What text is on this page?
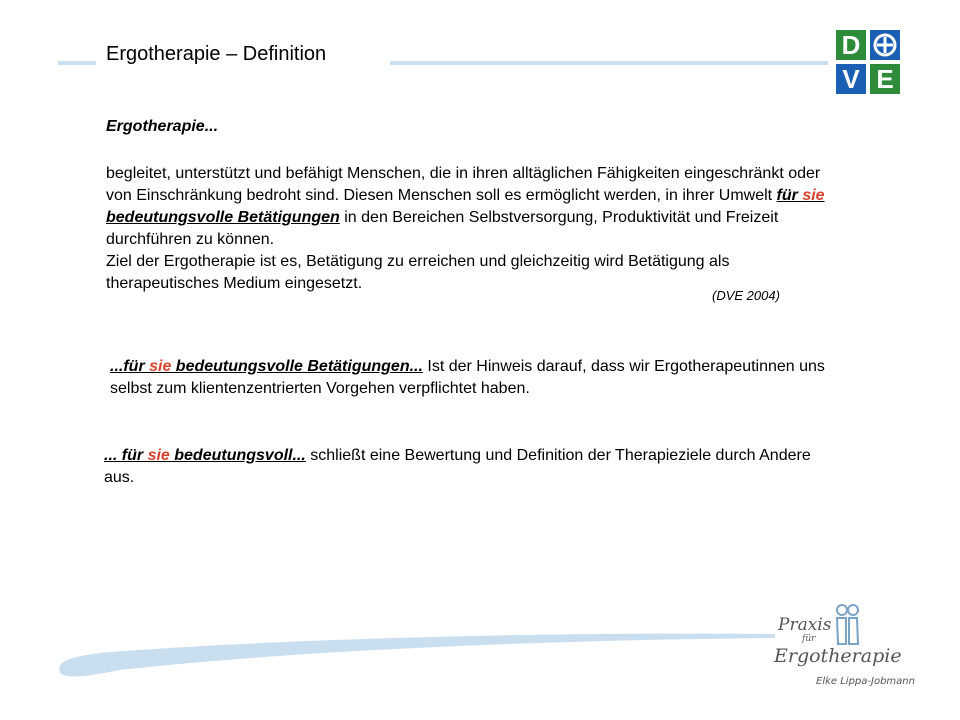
Ergotherapie – Definition	D
V E
Ergotherapie...
begleitet, unterstützt und befähigt Menschen, die in ihren alltäglichen Fähigkeiten eingeschränkt oder von Einschränkung bedroht sind. Diesen Menschen soll es ermöglicht werden, in ihrer Umwelt für sie bedeutungsvolle Betätigungen in den Bereichen Selbstversorgung, Produktivität und Freizeit durchführen zu können.
Ziel der Ergotherapie ist es, Betätigung zu erreichen und gleichzeitig wird Betätigung als therapeutisches Medium eingesetzt.
(DVE 2004)
...für sie bedeutungsvolle Betätigungen... Ist der Hinweis darauf, dass wir Ergotherapeutinnen uns selbst zum klientenzentrierten Vorgehen verpflichtet haben.
... für sie bedeutungsvoll... schließt eine Bewertung und Definition der Therapieziele durch Andere aus.
Praxis
für
Ergotherapie
Elke Lippa-Jobmann
